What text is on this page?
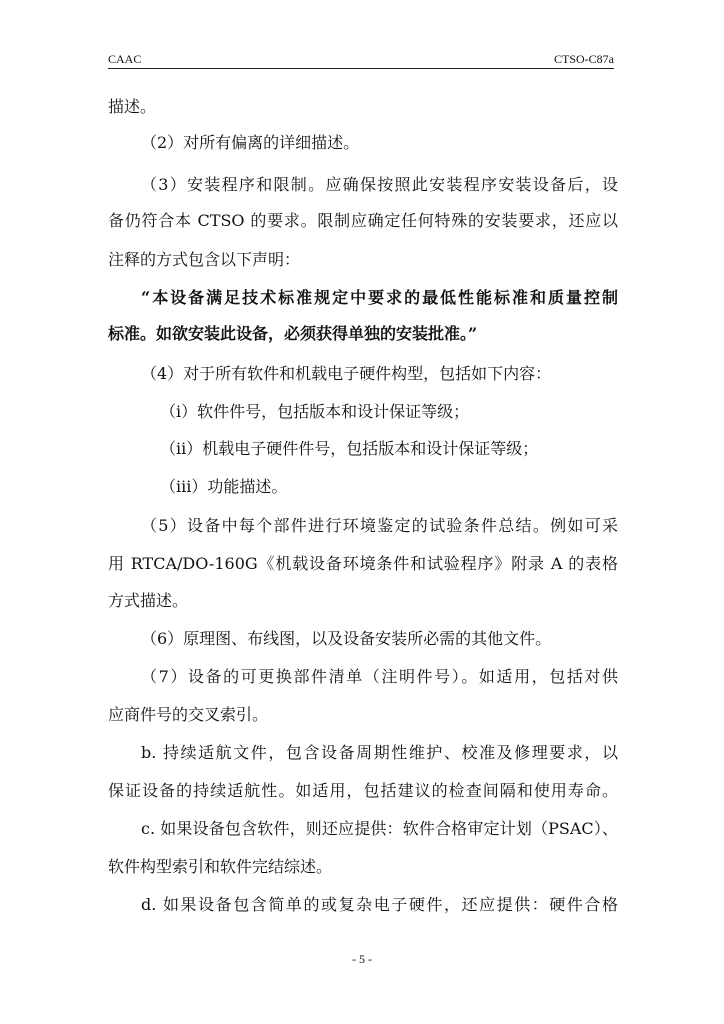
CAAC	CTSO-C87a
描述。
（2）对所有偏离的详细描述。
（3）安装程序和限制。应确保按照此安装程序安装设备后，设
备仍符合本 CTSO 的要求。限制应确定任何特殊的安装要求，还应以
注释的方式包含以下声明：
“本设备满足技术标准规定中要求的最低性能标准和质量控制
标准。如欲安装此设备，必须获得单独的安装批准。”
（4）对于所有软件和机载电子硬件构型，包括如下内容：
（i）软件件号，包括版本和设计保证等级；
（ii）机载电子硬件件号，包括版本和设计保证等级；
（iii）功能描述。
（5）设备中每个部件进行环境鉴定的试验条件总结。例如可采
用 RTCA/DO-160G《机载设备环境条件和试验程序》附录 A 的表格
方式描述。
（6）原理图、布线图，以及设备安装所必需的其他文件。
（7）设备的可更换部件清单（注明件号）。如适用，包括对供
应商件号的交叉索引。
b. 持续适航文件，包含设备周期性维护、校准及修理要求，以
保证设备的持续适航性。如适用，包括建议的检查间隔和使用寿命。
c. 如果设备包含软件，则还应提供：软件合格审定计划（PSAC）、
软件构型索引和软件完结综述。
d. 如果设备包含简单的或复杂电子硬件，还应提供：硬件合格
- 5 -
